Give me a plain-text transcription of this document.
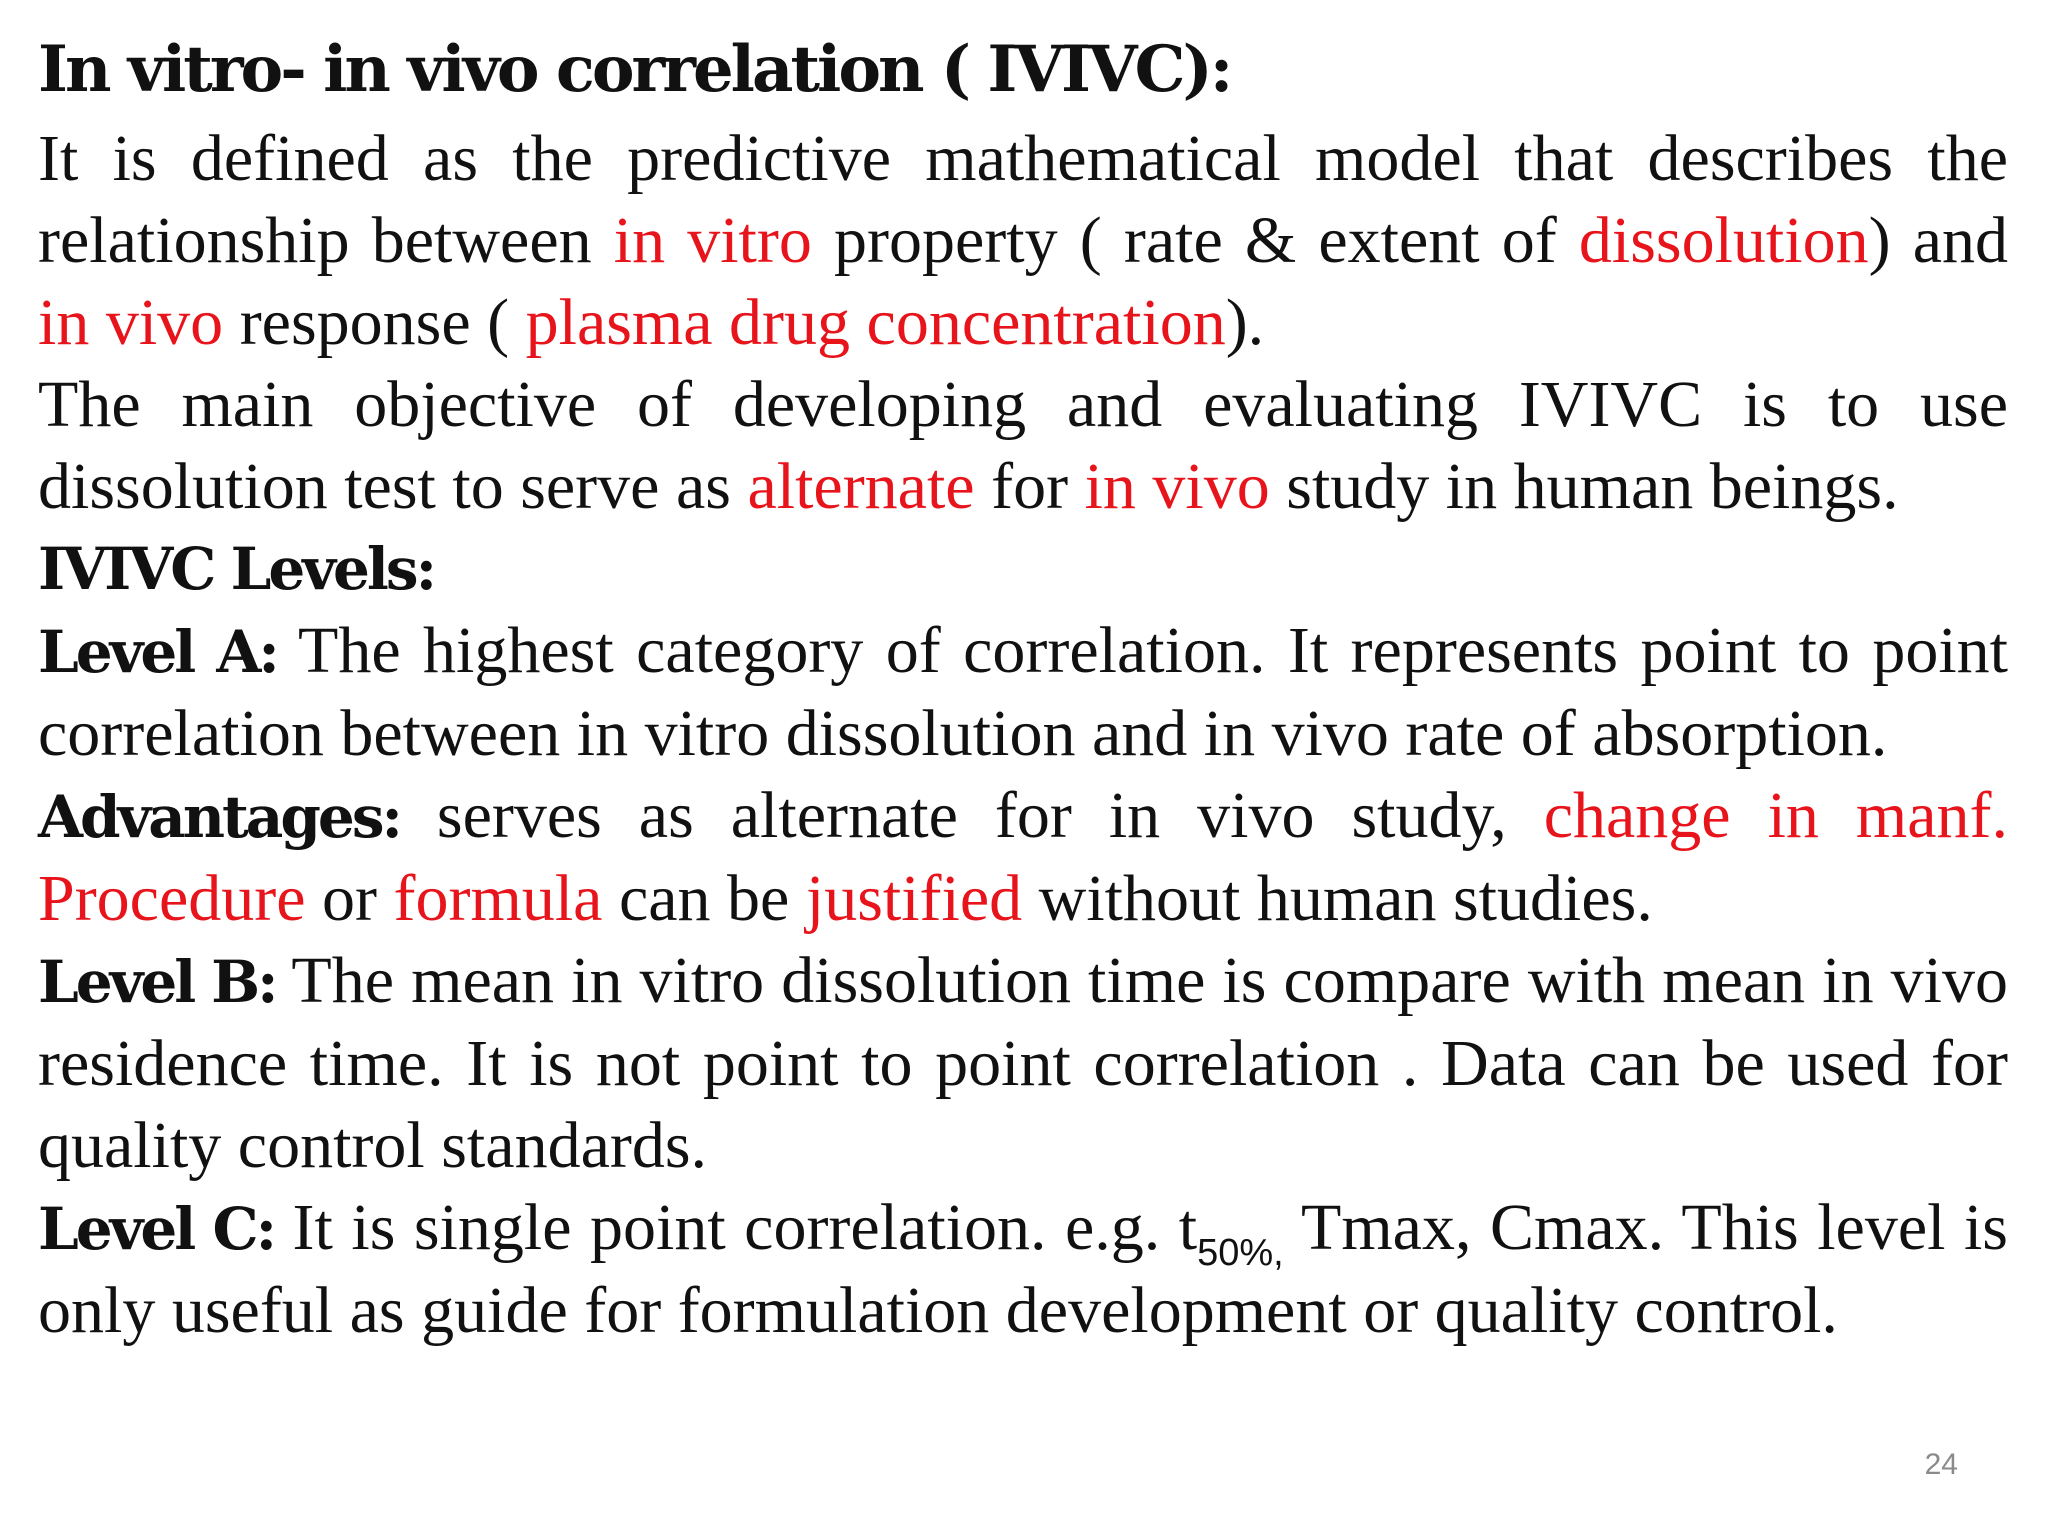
In vitro- in vivo correlation ( IVIVC):

It is defined as the predictive mathematical model that describes the relationship between in vitro property ( rate & extent of dissolution) and in vivo response ( plasma drug concentration).

The main objective of developing and evaluating IVIVC is to use dissolution test to serve as alternate for in vivo study in human beings.

IVIVC Levels:

Level A: The highest category of correlation. It represents point to point correlation between in vitro dissolution and in vivo rate of absorption.

Advantages: serves as alternate for in vivo study, change in manf. Procedure or formula can be justified without human studies.

Level B: The mean in vitro dissolution time is compare with mean in vivo residence time. It is not point to point correlation . Data can be used for quality control standards.

Level C: It is single point correlation. e.g. $t_{50\%,}$ Tmax, Cmax. This level is only useful as guide for formulation development or quality control.

24
